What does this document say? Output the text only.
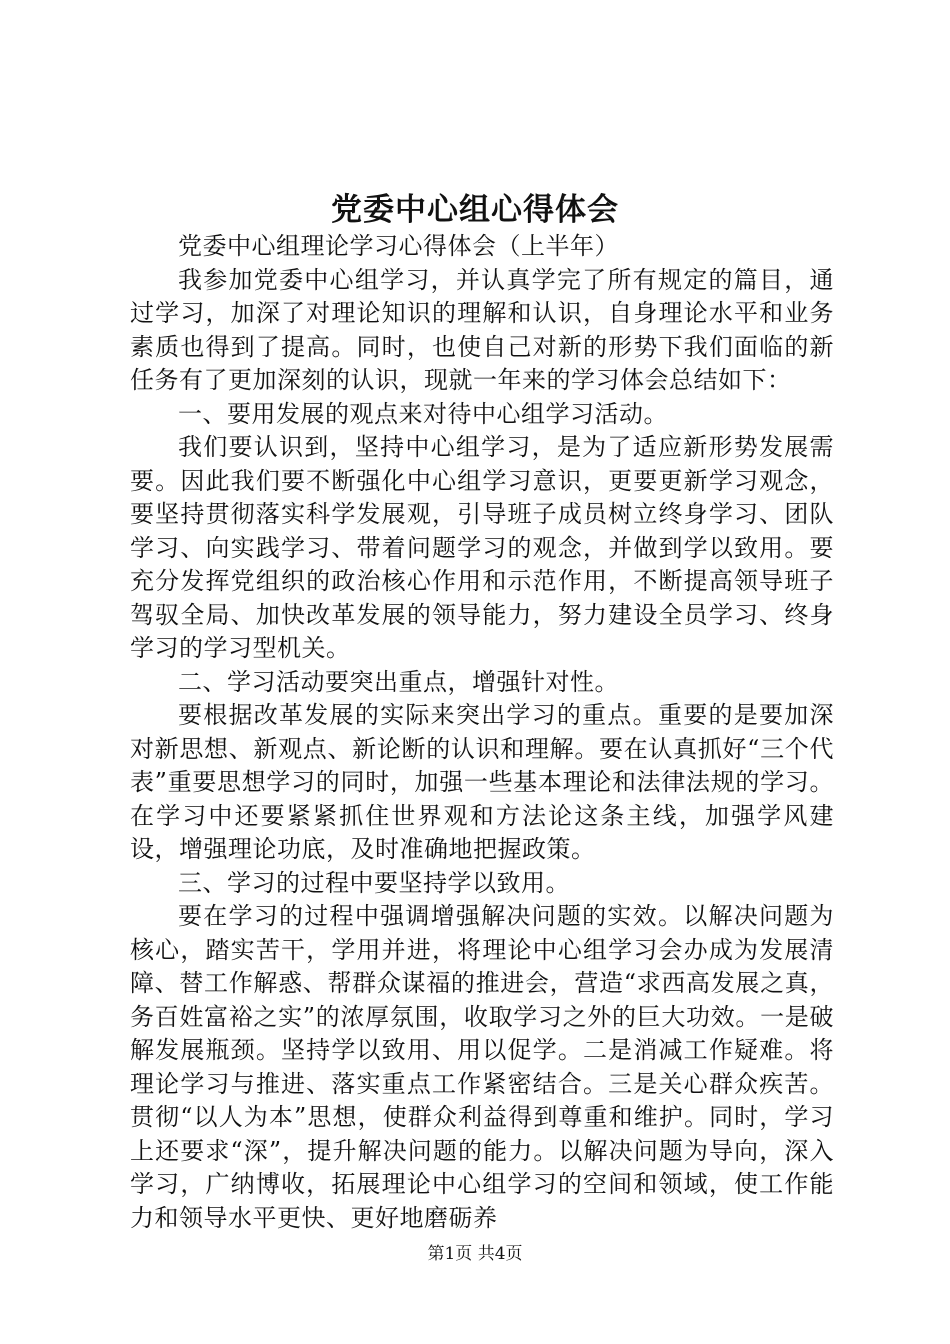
党委中心组心得体会

党委中心组理论学习心得体会（上半年）

我参加党委中心组学习，并认真学完了所有规定的篇目，通过学习，加深了对理论知识的理解和认识，自身理论水平和业务素质也得到了提高。同时，也使自己对新的形势下我们面临的新任务有了更加深刻的认识，现就一年来的学习体会总结如下：

一、要用发展的观点来对待中心组学习活动。

我们要认识到，坚持中心组学习，是为了适应新形势发展需要。因此我们要不断强化中心组学习意识，更要更新学习观念，要坚持贯彻落实科学发展观，引导班子成员树立终身学习、团队学习、向实践学习、带着问题学习的观念，并做到学以致用。要充分发挥党组织的政治核心作用和示范作用，不断提高领导班子驾驭全局、加快改革发展的领导能力，努力建设全员学习、终身学习的学习型机关。

二、学习活动要突出重点，增强针对性。

要根据改革发展的实际来突出学习的重点。重要的是要加深对新思想、新观点、新论断的认识和理解。要在认真抓好“三个代表”重要思想学习的同时，加强一些基本理论和法律法规的学习。在学习中还要紧紧抓住世界观和方法论这条主线，加强学风建设，增强理论功底，及时准确地把握政策。

三、学习的过程中要坚持学以致用。

要在学习的过程中强调增强解决问题的实效。以解决问题为核心，踏实苦干，学用并进，将理论中心组学习会办成为发展清障、替工作解惑、帮群众谋福的推进会，营造“求西高发展之真，务百姓富裕之实”的浓厚氛围，收取学习之外的巨大功效。一是破解发展瓶颈。坚持学以致用、用以促学。二是消减工作疑难。将理论学习与推进、落实重点工作紧密结合。三是关心群众疾苦。贯彻“以人为本”思想，使群众利益得到尊重和维护。同时，学习上还要求“深”，提升解决问题的能力。以解决问题为导向，深入学习，广纳博收，拓展理论中心组学习的空间和领域，使工作能力和领导水平更快、更好地磨砺养

第1页 共4页
